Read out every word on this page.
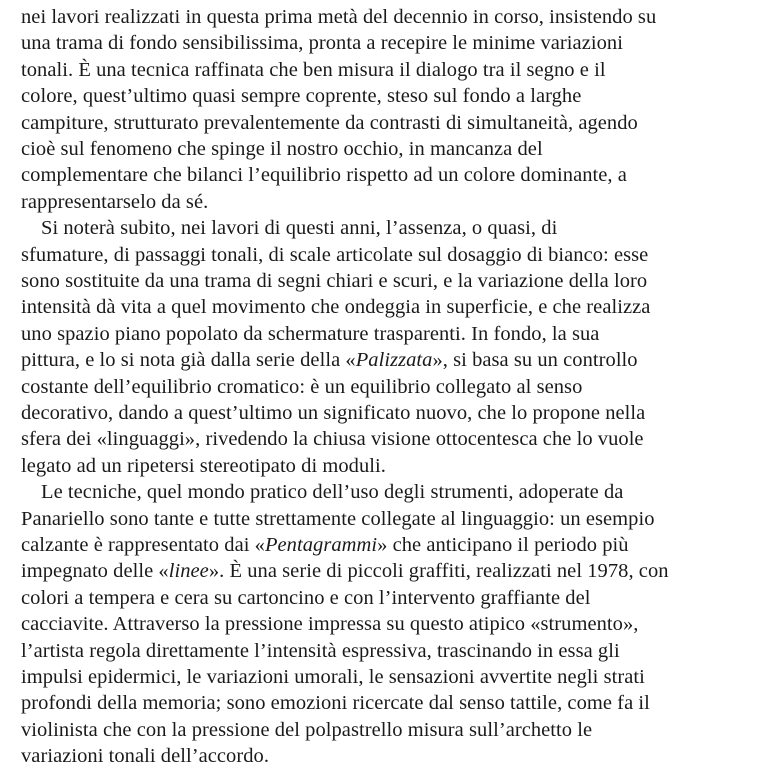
nei lavori realizzati in questa prima metà del decennio in corso, insistendo su
una trama di fondo sensibilissima, pronta a recepire le minime variazioni
tonali. È una tecnica raffinata che ben misura il dialogo tra il segno e il
colore, quest’ultimo quasi sempre coprente, steso sul fondo a larghe
campiture, strutturato prevalentemente da contrasti di simultaneità, agendo
cioè sul fenomeno che spinge il nostro occhio, in mancanza del
complementare che bilanci l’equilibrio rispetto ad un colore dominante, a
rappresentarselo da sé.
Si noterà subito, nei lavori di questi anni, l’assenza, o quasi, di
sfumature, di passaggi tonali, di scale articolate sul dosaggio di bianco: esse
sono sostituite da una trama di segni chiari e scuri, e la variazione della loro
intensità dà vita a quel movimento che ondeggia in superficie, e che realizza
uno spazio piano popolato da schermature trasparenti. In fondo, la sua
pittura, e lo si nota già dalla serie della «Palizzata», si basa su un controllo
costante dell’equilibrio cromatico: è un equilibrio collegato al senso
decorativo, dando a quest’ultimo un significato nuovo, che lo propone nella
sfera dei «linguaggi», rivedendo la chiusa visione ottocentesca che lo vuole
legato ad un ripetersi stereotipato di moduli.
Le tecniche, quel mondo pratico dell’uso degli strumenti, adoperate da
Panariello sono tante e tutte strettamente collegate al linguaggio: un esempio
calzante è rappresentato dai «Pentagrammi» che anticipano il periodo più
impegnato delle «linee». È una serie di piccoli graffiti, realizzati nel 1978, con
colori a tempera e cera su cartoncino e con l’intervento graffiante del
cacciavite. Attraverso la pressione impressa su questo atipico «strumento»,
l’artista regola direttamente l’intensità espressiva, trascinando in essa gli
impulsi epidermici, le variazioni umorali, le sensazioni avvertite negli strati
profondi della memoria; sono emozioni ricercate dal senso tattile, come fa il
violinista che con la pressione del polpastrello misura sull’archetto le
variazioni tonali dell’accordo.
